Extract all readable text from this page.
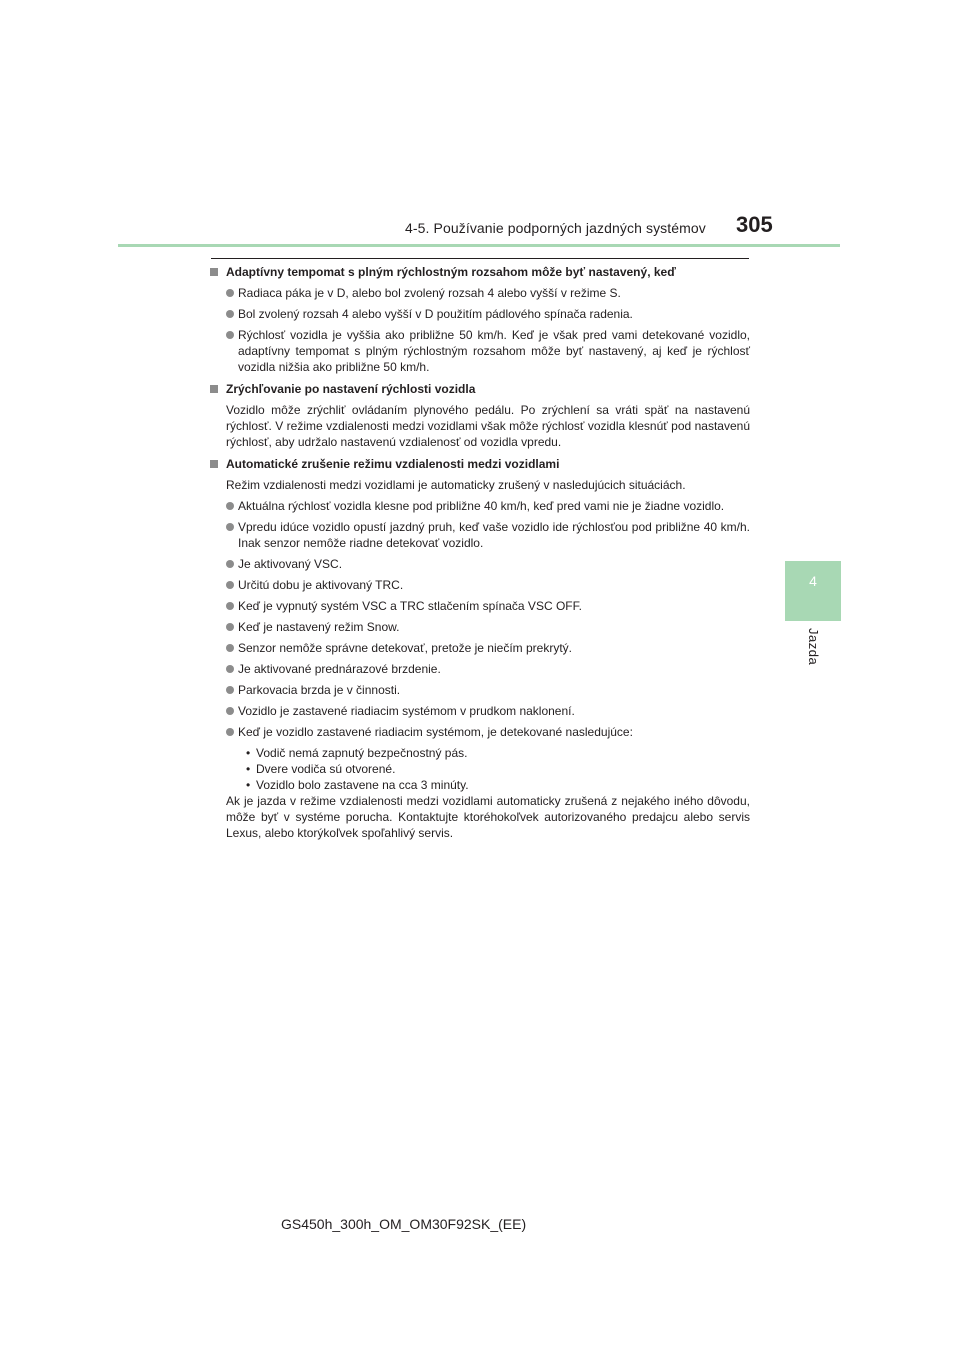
4-5. Používanie podporných jazdných systémov 305
4
Jazda
Adaptívny tempomat s plným rýchlostným rozsahom môže byť nastavený, keď
Radiaca páka je v D, alebo bol zvolený rozsah 4 alebo vyšší v režime S.
Bol zvolený rozsah 4 alebo vyšší v D použitím pádlového spínača radenia.
Rýchlosť vozidla je vyššia ako približne 50 km/h. Keď je však pred vami detekované vozidlo, adaptívny tempomat s plným rýchlostným rozsahom môže byť nastavený, aj keď je rýchlosť vozidla nižšia ako približne 50 km/h.
Zrýchľovanie po nastavení rýchlosti vozidla
Vozidlo môže zrýchliť ovládaním plynového pedálu. Po zrýchlení sa vráti späť na nastavenú rýchlosť. V režime vzdialenosti medzi vozidlami však môže rýchlosť vozidla klesnúť pod nastavenú rýchlosť, aby udržalo nastavenú vzdialenosť od vozidla vpredu.
Automatické zrušenie režimu vzdialenosti medzi vozidlami
Režim vzdialenosti medzi vozidlami je automaticky zrušený v nasledujúcich situáciách.
Aktuálna rýchlosť vozidla klesne pod približne 40 km/h, keď pred vami nie je žiadne vozidlo.
Vpredu idúce vozidlo opustí jazdný pruh, keď vaše vozidlo ide rýchlosťou pod približne 40 km/h. Inak senzor nemôže riadne detekovať vozidlo.
Je aktivovaný VSC.
Určitú dobu je aktivovaný TRC.
Keď je vypnutý systém VSC a TRC stlačením spínača VSC OFF.
Keď je nastavený režim Snow.
Senzor nemôže správne detekovať, pretože je niečím prekrytý.
Je aktivované prednárazové brzdenie.
Parkovacia brzda je v činnosti.
Vozidlo je zastavené riadiacim systémom v prudkom naklonení.
Keď je vozidlo zastavené riadiacim systémom, je detekované nasledujúce:
• Vodič nemá zapnutý bezpečnostný pás.
• Dvere vodiča sú otvorené.
• Vozidlo bolo zastavene na cca 3 minúty.
Ak je jazda v režime vzdialenosti medzi vozidlami automaticky zrušená z nejakého iného dôvodu, môže byť v systéme porucha. Kontaktujte ktoréhokoľvek autorizovaného predajcu alebo servis Lexus, alebo ktorýkoľvek spoľahlivý servis.
GS450h_300h_OM_OM30F92SK_(EE)
